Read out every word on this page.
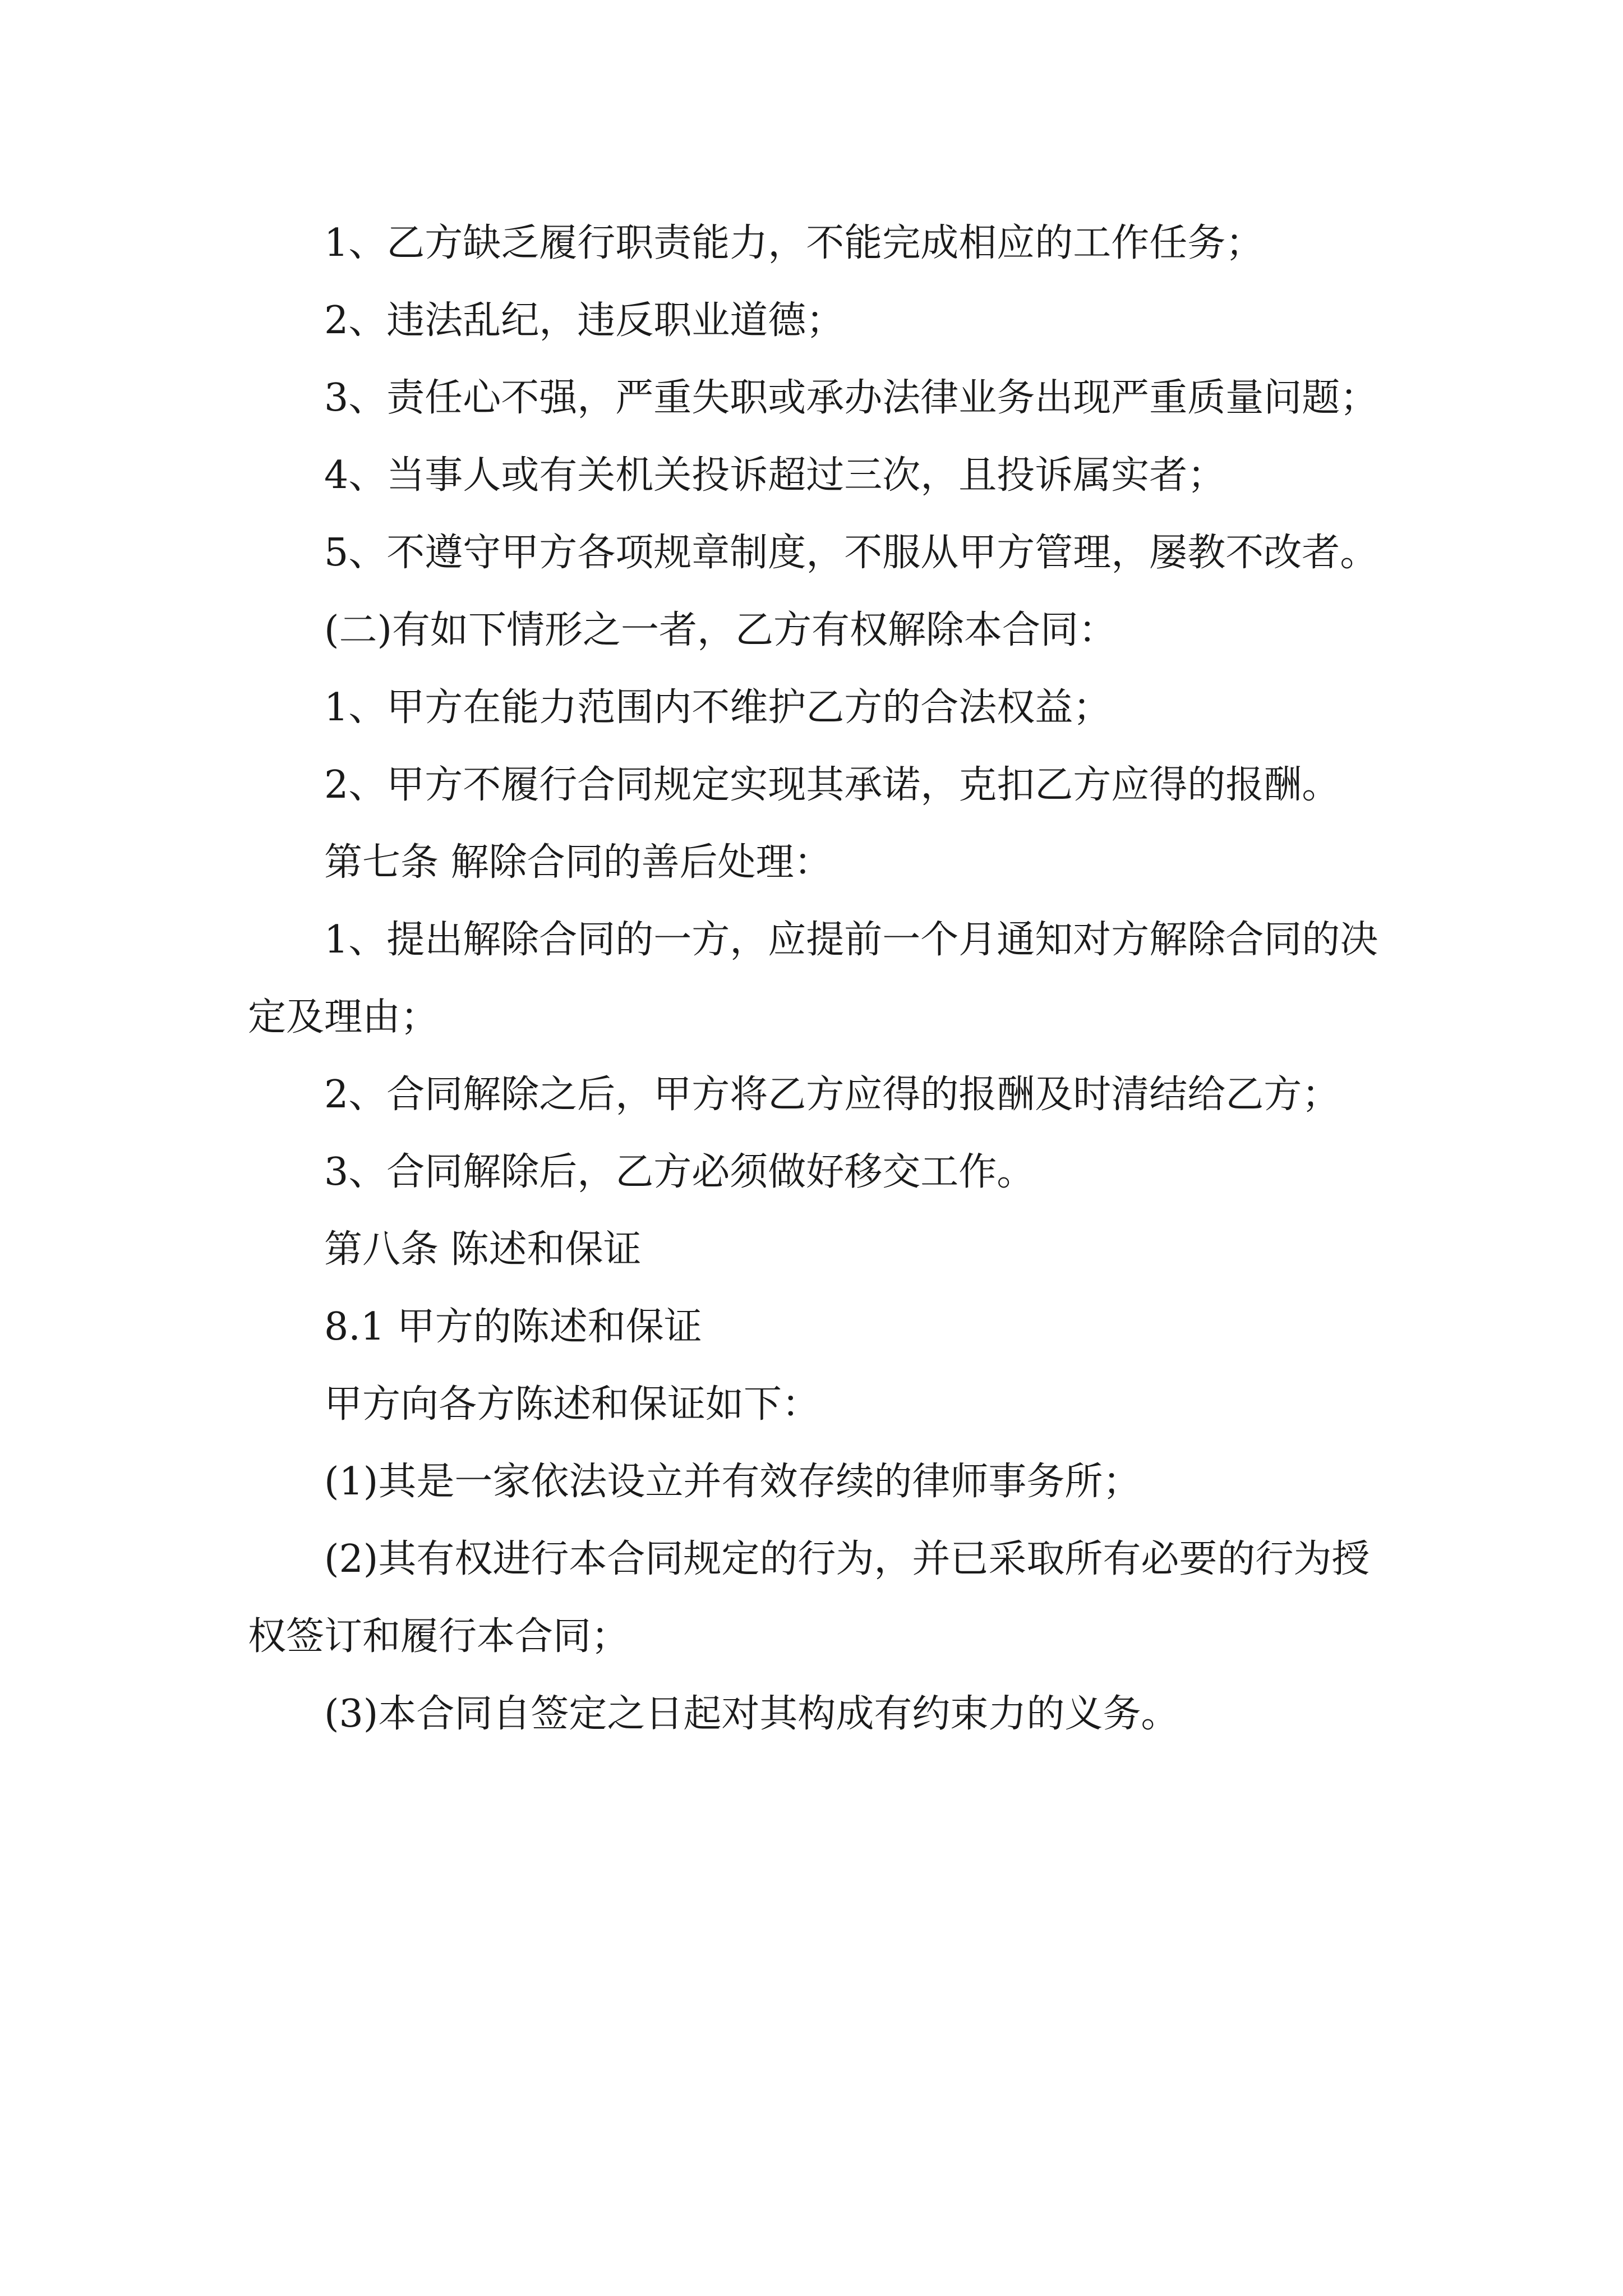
1、乙方缺乏履行职责能力，不能完成相应的工作任务；

2、违法乱纪，违反职业道德；

3、责任心不强，严重失职或承办法律业务出现严重质量问题；

4、当事人或有关机关投诉超过三次，且投诉属实者；

5、不遵守甲方各项规章制度，不服从甲方管理，屡教不改者。

(二)有如下情形之一者，乙方有权解除本合同：

1、甲方在能力范围内不维护乙方的合法权益；

2、甲方不履行合同规定实现其承诺，克扣乙方应得的报酬。

第七条 解除合同的善后处理：

1、提出解除合同的一方，应提前一个月通知对方解除合同的决定及理由；

2、合同解除之后，甲方将乙方应得的报酬及时清结给乙方；

3、合同解除后，乙方必须做好移交工作。

第八条 陈述和保证

8.1 甲方的陈述和保证

甲方向各方陈述和保证如下：

(1)其是一家依法设立并有效存续的律师事务所；

(2)其有权进行本合同规定的行为，并已采取所有必要的行为授权签订和履行本合同；

(3)本合同自签定之日起对其构成有约束力的义务。
